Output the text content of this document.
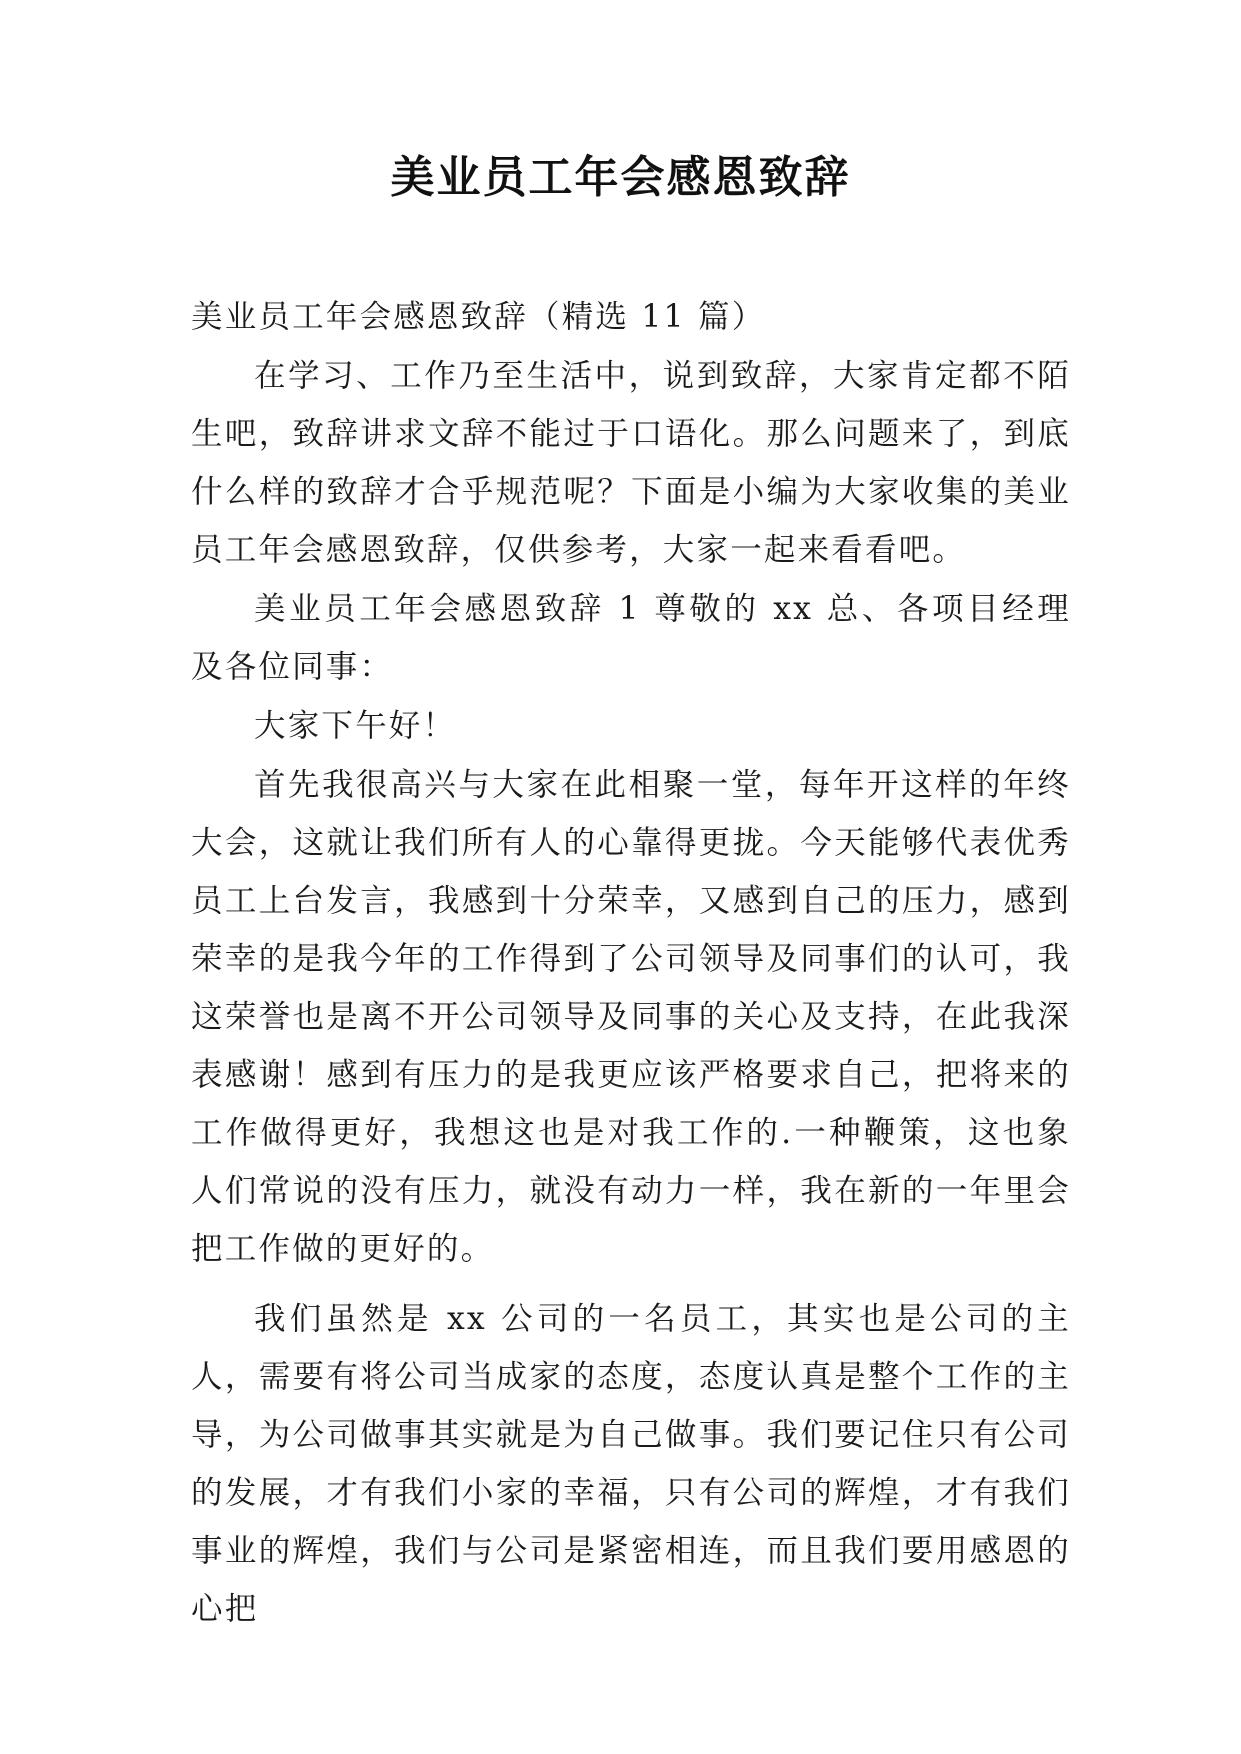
美业员工年会感恩致辞

美业员工年会感恩致辞（精选 11 篇）

在学习、工作乃至生活中，说到致辞，大家肯定都不陌生吧，致辞讲求文辞不能过于口语化。那么问题来了，到底什么样的致辞才合乎规范呢？下面是小编为大家收集的美业员工年会感恩致辞，仅供参考，大家一起来看看吧。

美业员工年会感恩致辞 1 尊敬的 xx 总、各项目经理及各位同事：

大家下午好！

首先我很高兴与大家在此相聚一堂，每年开这样的年终大会，这就让我们所有人的心靠得更拢。今天能够代表优秀员工上台发言，我感到十分荣幸，又感到自己的压力，感到荣幸的是我今年的工作得到了公司领导及同事们的认可，我这荣誉也是离不开公司领导及同事的关心及支持，在此我深表感谢！感到有压力的是我更应该严格要求自己，把将来的工作做得更好，我想这也是对我工作的.一种鞭策，这也象人们常说的没有压力，就没有动力一样，我在新的一年里会把工作做的更好的。

我们虽然是 xx 公司的一名员工，其实也是公司的主人，需要有将公司当成家的态度，态度认真是整个工作的主导，为公司做事其实就是为自己做事。我们要记住只有公司的发展，才有我们小家的幸福，只有公司的辉煌，才有我们事业的辉煌，我们与公司是紧密相连，而且我们要用感恩的心把
